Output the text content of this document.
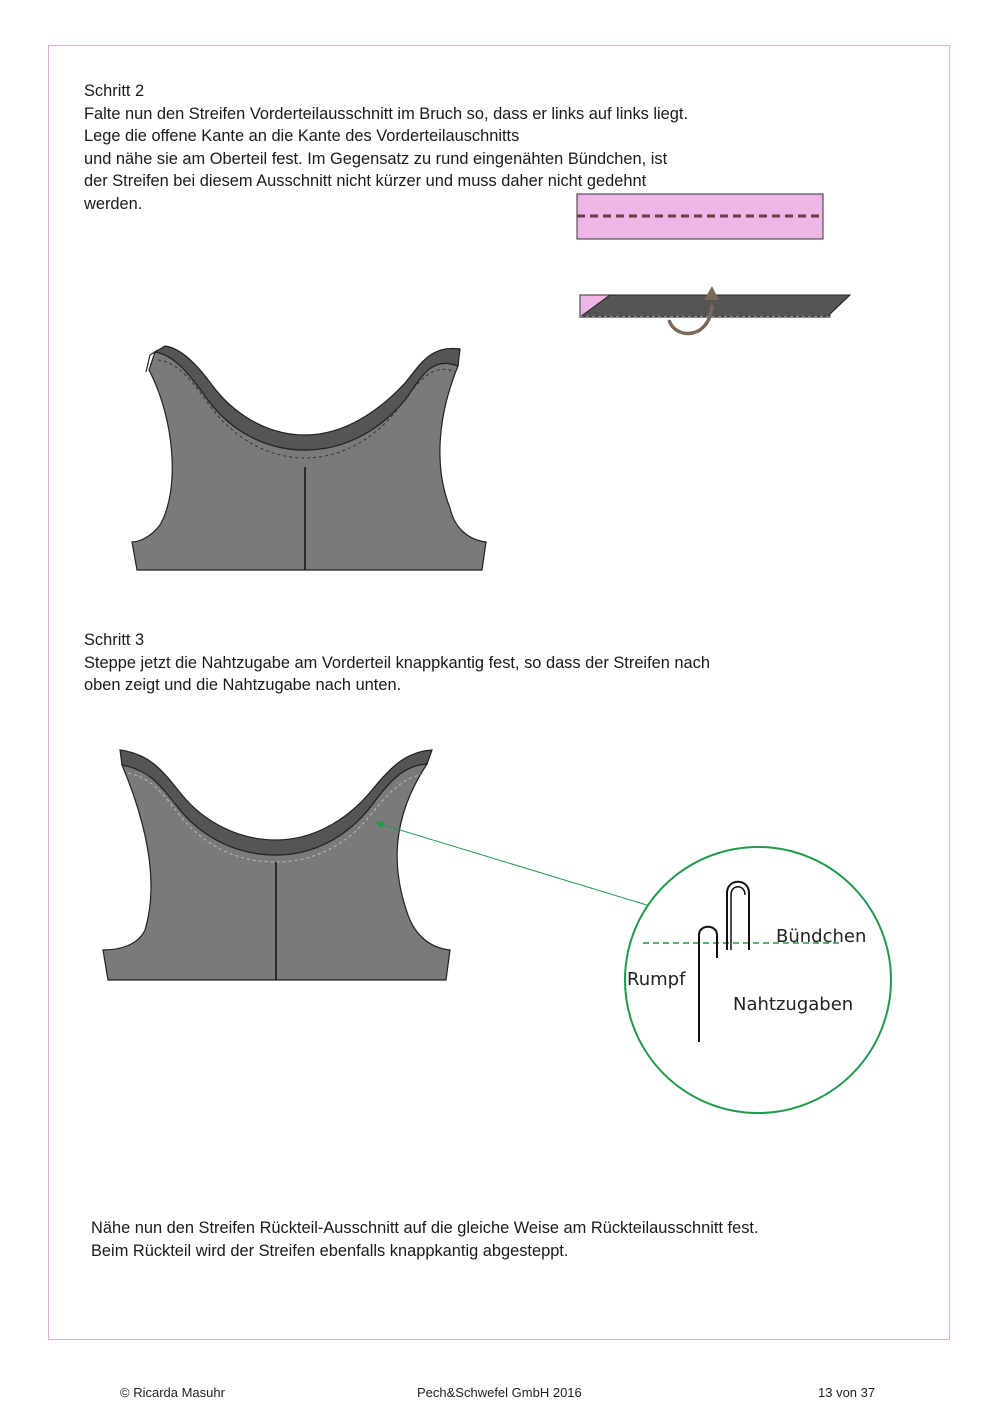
Schritt 2

Falte nun den Streifen Vorderteilausschnitt im Bruch so, dass er links auf links liegt.

Lege die offene Kante an die Kante des Vorderteilauschnitts

und nähe sie am Oberteil fest. Im Gegensatz zu rund eingenähten Bündchen, ist

der Streifen bei diesem Ausschnitt nicht kürzer und muss daher nicht gedehnt

werden.

Schritt 3

Steppe jetzt die Nahtzugabe am Vorderteil knappkantig fest, so dass der Streifen nach

oben zeigt und die Nahtzugabe nach unten.

Nähe nun den Streifen Rückteil-Ausschnitt auf die gleiche Weise am Rückteilausschnitt fest.

Beim Rückteil wird der Streifen ebenfalls knappkantig abgesteppt.

Bündchen
Rumpf
Nahtzugaben
© Ricarda Masuhr	Pech&Schwefel GmbH 2016	13 von 37
